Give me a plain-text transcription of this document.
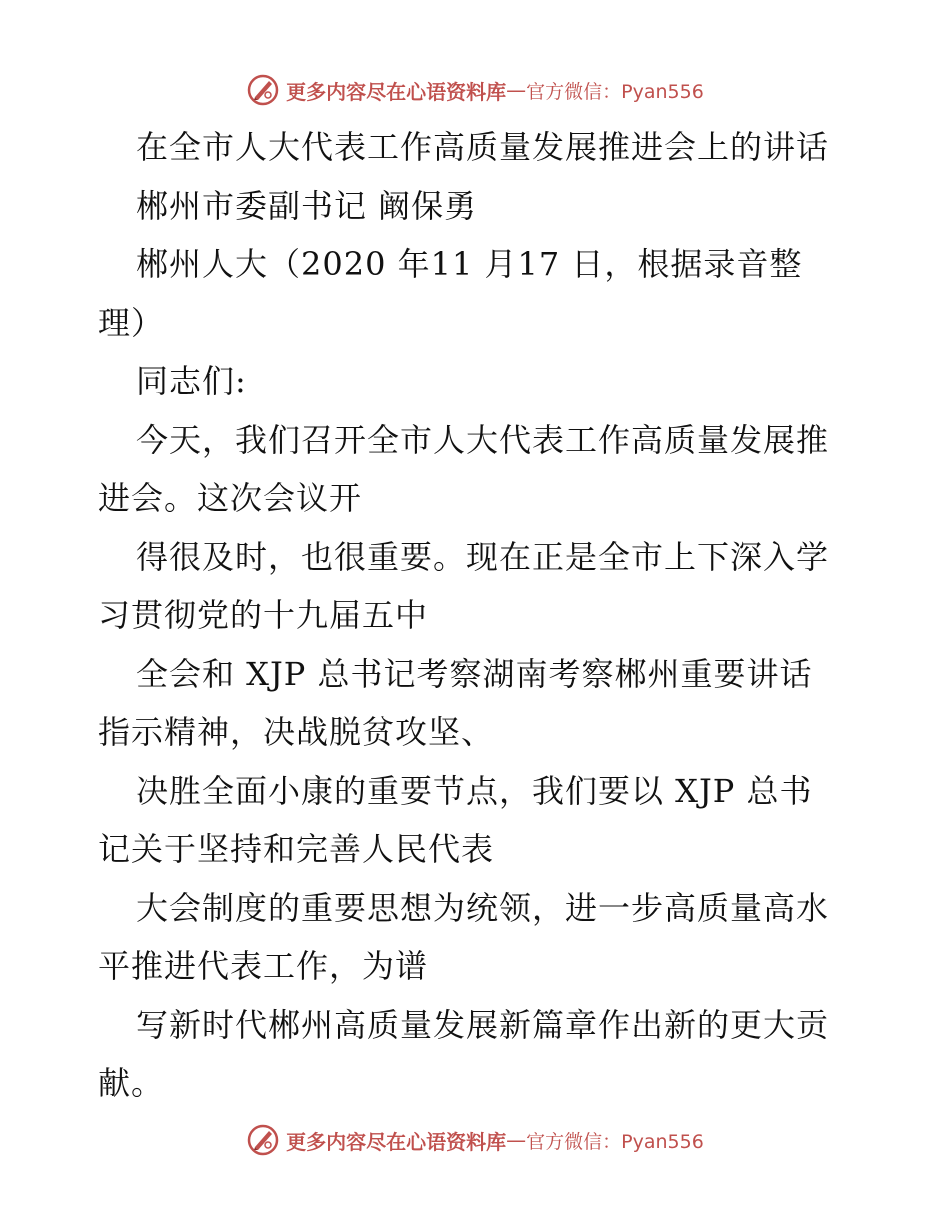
更多内容尽在心语资料库 — 官方微信：Pyan556
在全市人大代表工作高质量发展推进会上的讲话
郴州市委副书记 阚保勇
郴州人大（2020 年11 月17 日，根据录音整
理）
同志们:
今天，我们召开全市人大代表工作高质量发展推
进会。这次会议开
得很及时，也很重要。现在正是全市上下深入学
习贯彻党的十九届五中
全会和 XJP 总书记考察湖南考察郴州重要讲话
指示精神，决战脱贫攻坚、
决胜全面小康的重要节点，我们要以 XJP 总书
记关于坚持和完善人民代表
大会制度的重要思想为统领，进一步高质量高水
平推进代表工作，为谱
写新时代郴州高质量发展新篇章作出新的更大贡
献。
更多内容尽在心语资料库 — 官方微信：Pyan556
